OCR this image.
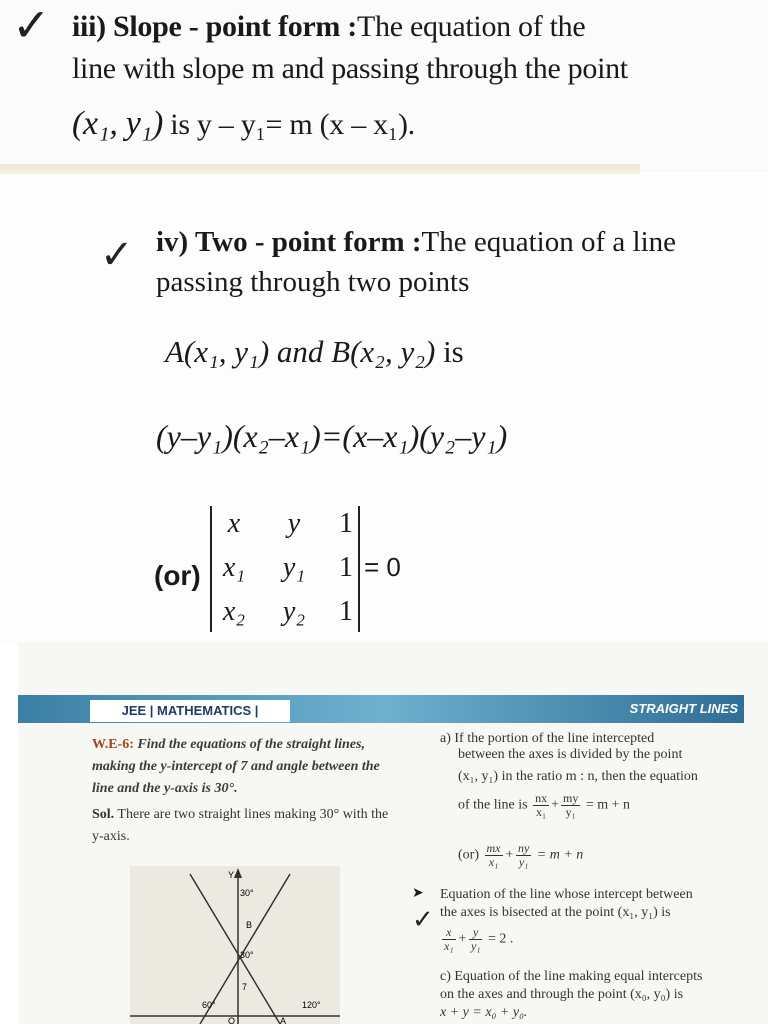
✓ iii) Slope - point form :The equation of the
line with slope m and passing through the point
(x₁, y₁) is y – y₁= m (x – x₁).
✓ iv) Two - point form :The equation of a line
passing through two points
A(x₁, y₁) and B(x₂, y₂) is
(y–y₁)(x₂–x₁)=(x–x₁)(y₂–y₁)
(or)
x	y	1
x₁	y₁	1
x₂	y₂	1
= 0
JEE | MATHEMATICS |	STRAIGHT LINES
W.E-6: Find the equations of the straight lines, making the y-intercept of 7 and angle between the line and the y-axis is 30°.
Sol. There are two straight lines making 30° with the y-axis.
30°
B
30°
7
60°	120°
O	A
Y
a) If the portion of the line intercepted
between the axes is divided by the point
(x₁, y₁) in the ratio m : n, then the equation
of the line is $\frac{nx}{\text{x₁}} + \frac{my}{\text{y₁}} = m + n$
$(or) \frac{mx}{\text{x₁}} + \frac{ny}{\text{y₁}} = m + n$
➤
✓
Equation of the line whose intercept between
the axes is bisected at the point (x₁, y₁) is
$\frac{x}{\text{x₁}} + \frac{y}{\text{y₁}} = 2$ .
c) Equation of the line making equal intercepts
on the axes and through the point (x₀, y₀) is
x + y = x₀ + y₀.
